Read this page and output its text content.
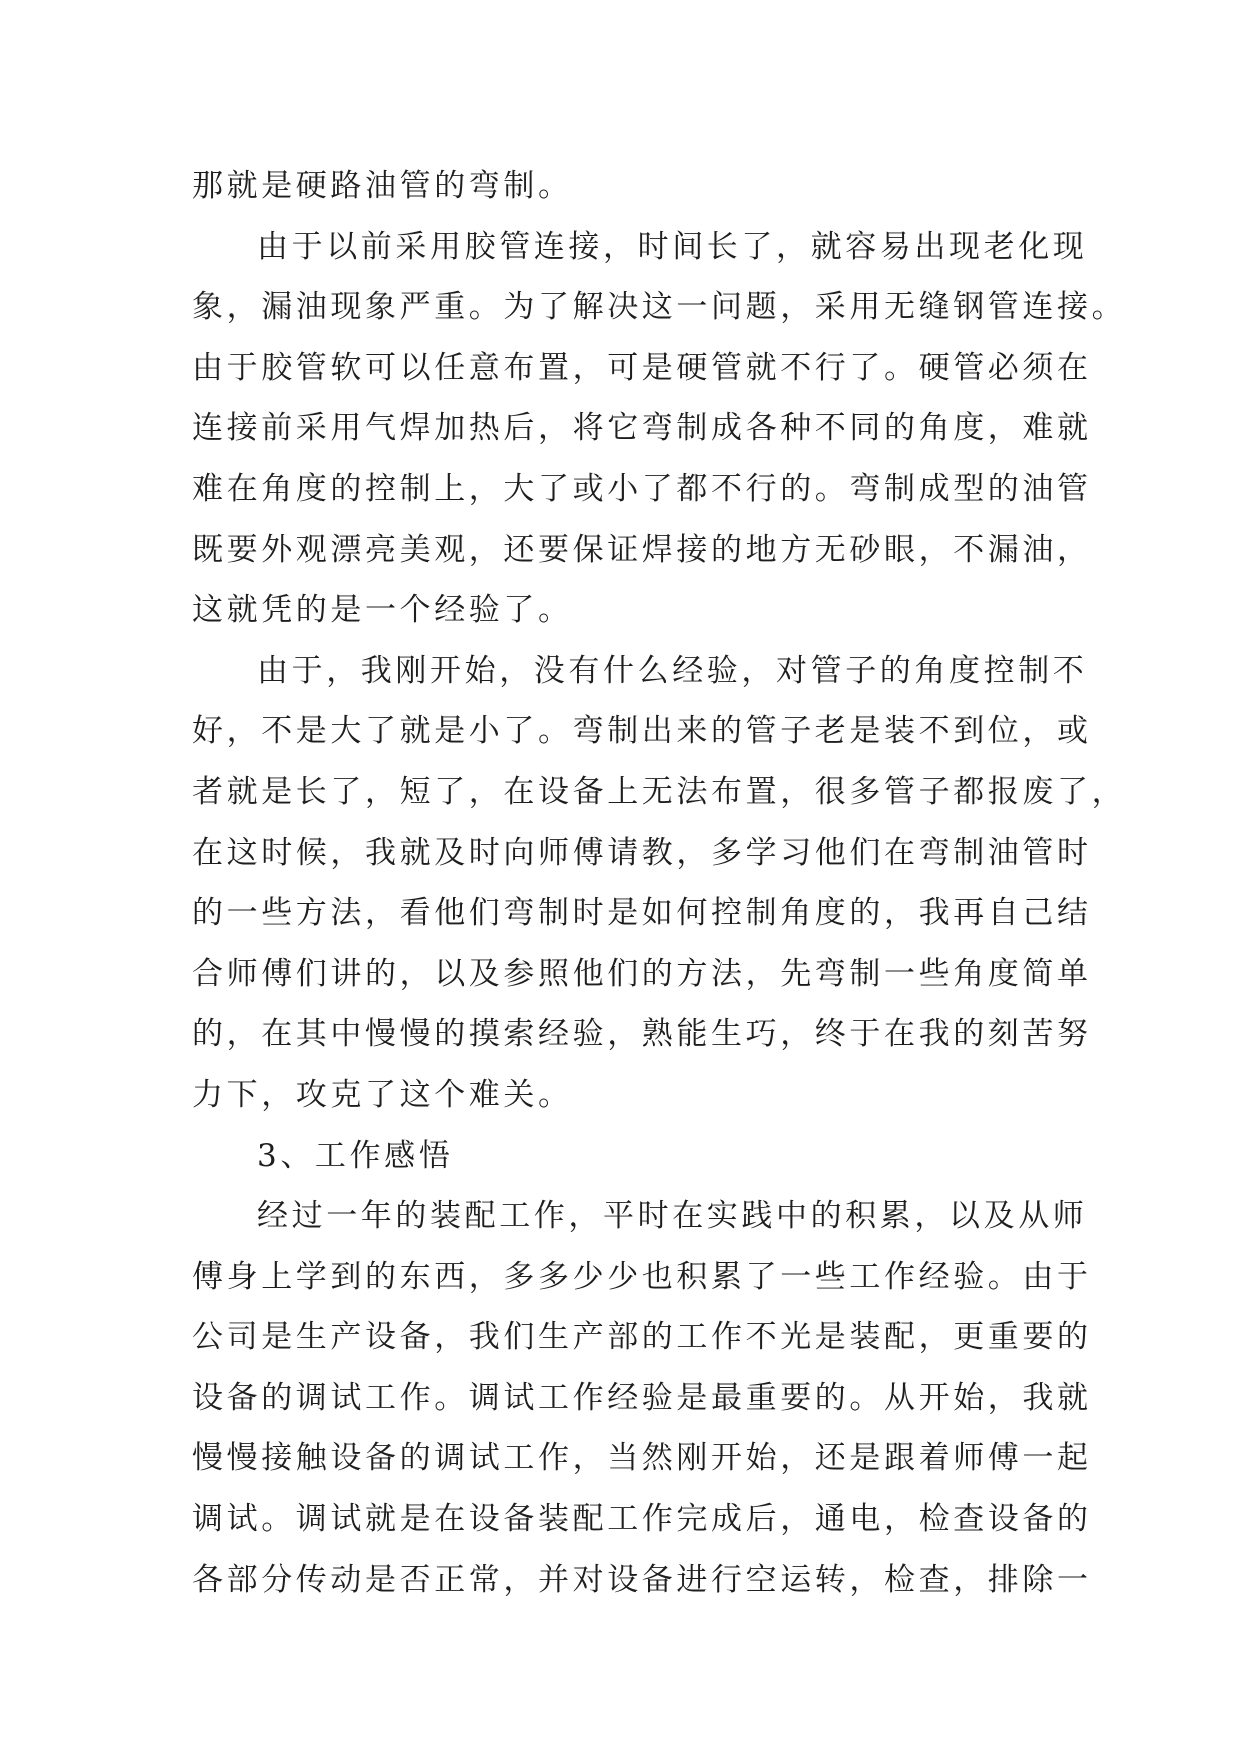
那就是硬路油管的弯制。
由于以前采用胶管连接，时间长了，就容易出现老化现
象，漏油现象严重。为了解决这一问题，采用无缝钢管连接。
由于胶管软可以任意布置，可是硬管就不行了。硬管必须在
连接前采用气焊加热后，将它弯制成各种不同的角度，难就
难在角度的控制上，大了或小了都不行的。弯制成型的油管
既要外观漂亮美观，还要保证焊接的地方无砂眼，不漏油，
这就凭的是一个经验了。
由于，我刚开始，没有什么经验，对管子的角度控制不
好，不是大了就是小了。弯制出来的管子老是装不到位，或
者就是长了，短了，在设备上无法布置，很多管子都报废了，
在这时候，我就及时向师傅请教，多学习他们在弯制油管时
的一些方法，看他们弯制时是如何控制角度的，我再自己结
合师傅们讲的，以及参照他们的方法，先弯制一些角度简单
的，在其中慢慢的摸索经验，熟能生巧，终于在我的刻苦努
力下，攻克了这个难关。
3、工作感悟
经过一年的装配工作，平时在实践中的积累，以及从师
傅身上学到的东西，多多少少也积累了一些工作经验。由于
公司是生产设备，我们生产部的工作不光是装配，更重要的
设备的调试工作。调试工作经验是最重要的。从开始，我就
慢慢接触设备的调试工作，当然刚开始，还是跟着师傅一起
调试。调试就是在设备装配工作完成后，通电，检查设备的
各部分传动是否正常，并对设备进行空运转，检查，排除一
